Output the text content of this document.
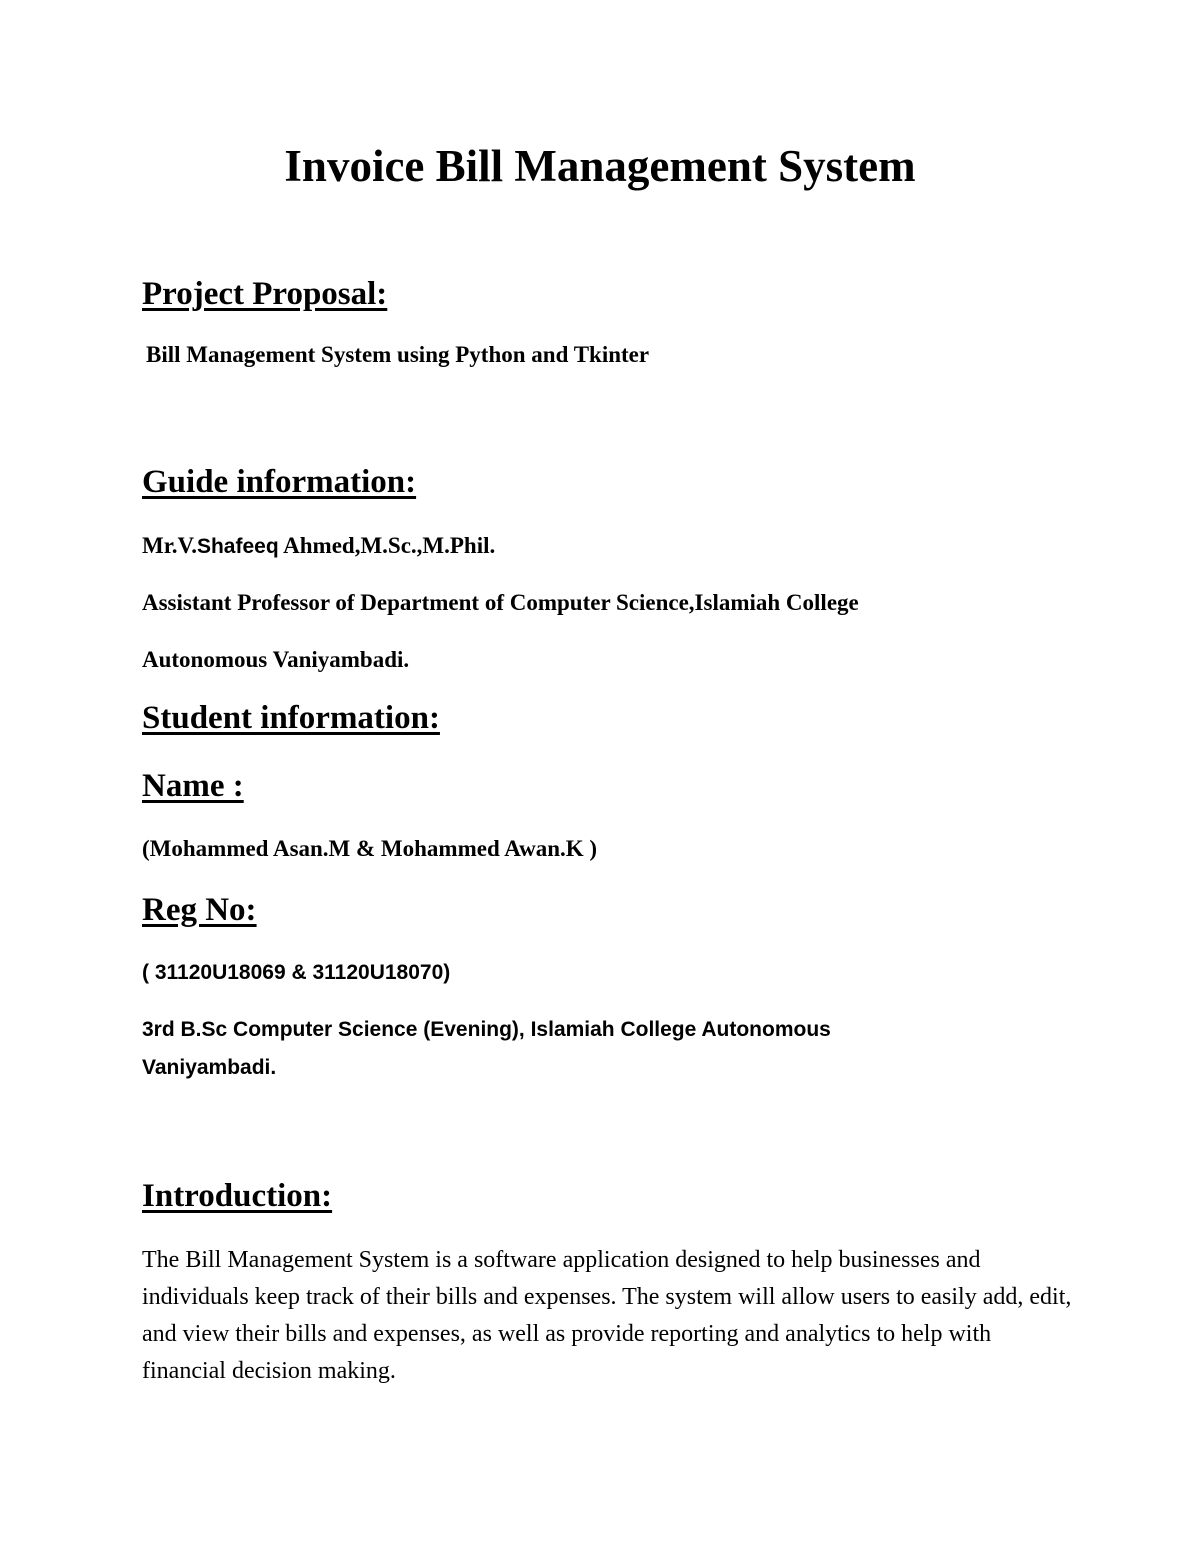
Invoice Bill Management System
Project Proposal:
Bill Management System using Python and Tkinter
Guide information:
Mr.V.Shafeeq Ahmed,M.Sc.,M.Phil.
Assistant Professor of Department of Computer Science,Islamiah College
Autonomous Vaniyambadi.
Student information:
Name :
(Mohammed Asan.M & Mohammed Awan.K )
Reg No:
( 31120U18069 & 31120U18070)
3rd B.Sc Computer Science (Evening), Islamiah College Autonomous
Vaniyambadi.
Introduction:

The Bill Management System is a software application designed to help businesses and individuals keep track of their bills and expenses. The system will allow users to easily add, edit, and view their bills and expenses, as well as provide reporting and analytics to help with financial decision making.
